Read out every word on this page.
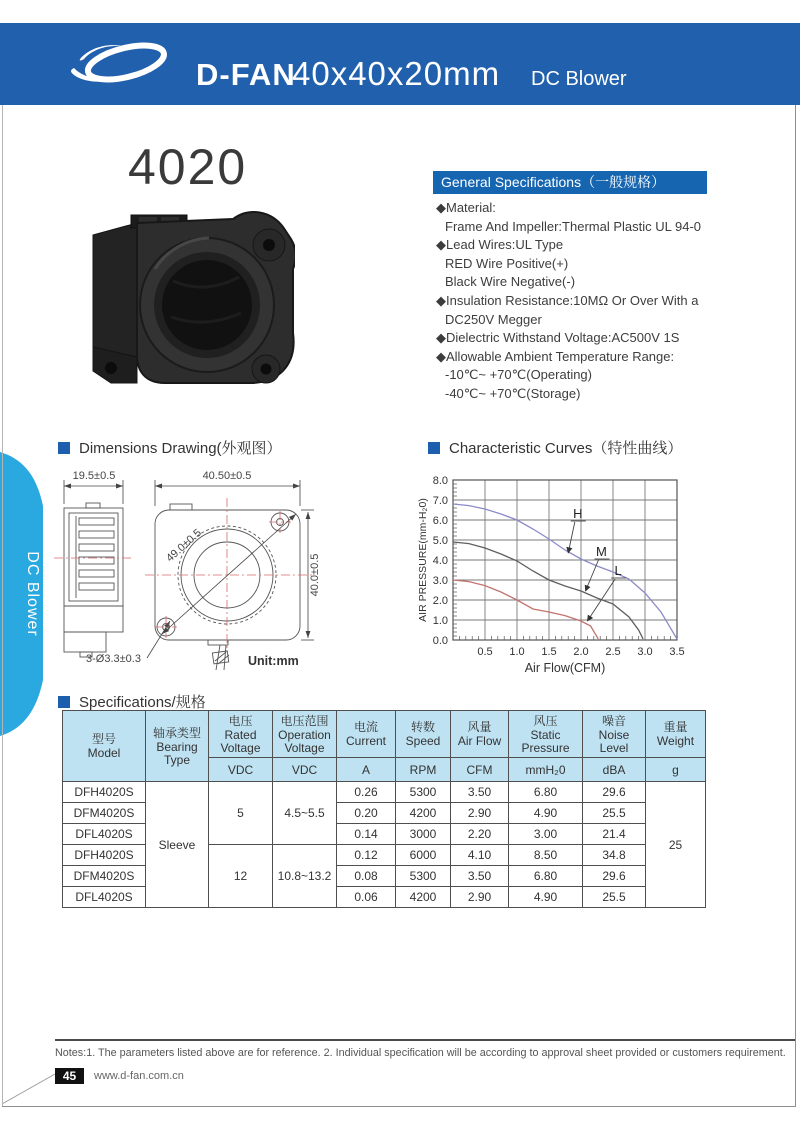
D-FAN
40x40x20mm DC Blower
DC Blower
4020	General Specifications（一般规格）
◆Material:
Frame And Impeller:Thermal Plastic UL 94-0
◆Lead Wires:UL Type
RED Wire Positive(+)
Black Wire Negative(-)
◆Insulation Resistance:10MΩ Or Over With a
DC250V Megger
◆Dielectric Withstand Voltage:AC500V 1S
◆Allowable Ambient Temperature Range:
-10℃~ +70℃(Operating)
-40℃~ +70℃(Storage)
Dimensions Drawing(外观图）	Characteristic Curves（特性曲线）
Specifications/规格
19.5±0.5
3-Ø3.3±0.3
40.50±0.5
40.0±0.5
49.0±0.5
Unit:mm
0.5 1.0 1.5 2.0 2.5 3.0 3.5
0.0
1.0
2.0
3.0
4.0
5.0
6.0
7.0
8.0
Air Flow(CFM)
AIR PRESSURE(mm-H₂0)	H
M
L
型号
Model

轴承类型
Bearing Type

电压
Rated Voltage

电压范围
Operation Voltage

电流
Current

转数
Speed

风量
Air Flow

风压
Static Pressure

噪音
Noise Level

重量
Weight

		VDC	VDC	A	RPM	CFM	mmH₂0	dBA	g
DFH4020S	Sleeve	5	4.5~5.5	0.26	5300	3.50	6.80	29.6	25
DFM4020S				0.20	4200	2.90	4.90	25.5	
DFL4020S				0.14	3000	2.20	3.00	21.4	
DFH4020S		12	10.8~13.2	0.12	6000	4.10	8.50	34.8	
DFM4020S				0.08	5300	3.50	6.80	29.6	
DFL4020S				0.06	4200	2.90	4.90	25.5	
Notes:1. The parameters listed above are for reference. 2. Individual specification will be according to approval sheet provided or customers requirement.
45	www.d-fan.com.cn
